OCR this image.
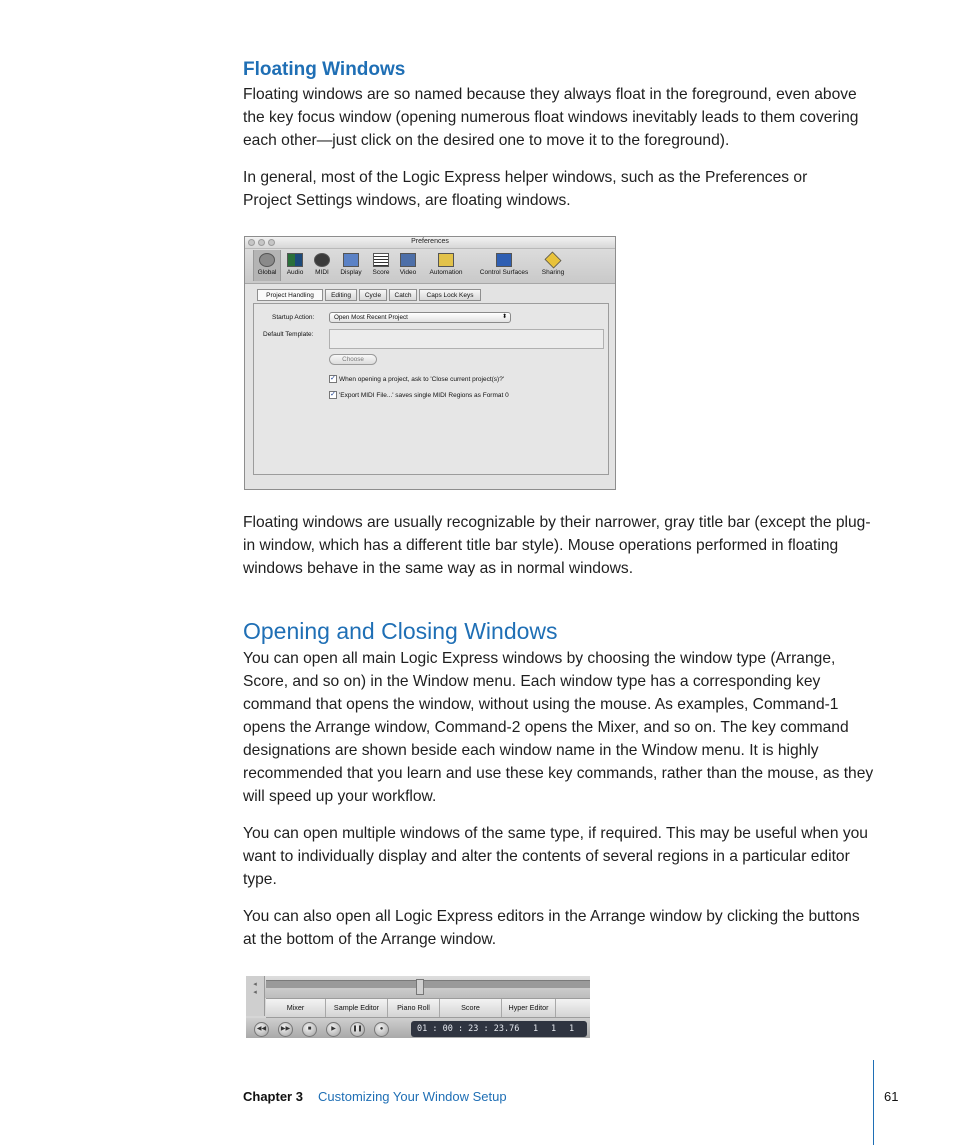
Floating Windows
Floating windows are so named because they always float in the foreground, even above the key focus window (opening numerous float windows inevitably leads to them covering each other—just click on the desired one to move it to the foreground).
In general, most of the Logic Express helper windows, such as the Preferences or Project Settings windows, are floating windows.
Preferences
Global	Audio	MIDI	Display	Score	Video	Automation	Control Surfaces	Sharing
Project Handling	Editing	Cycle	Catch	Caps Lock Keys
Startup Action:	Open Most Recent Project	⬍
Default Template:
Choose
✓ When opening a project, ask to 'Close current project(s)?'
✓ 'Export MIDI File...' saves single MIDI Regions as Format 0
Floating windows are usually recognizable by their narrower, gray title bar (except the plug-in window, which has a different title bar style). Mouse operations performed in floating windows behave in the same way as in normal windows.
Opening and Closing Windows
You can open all main Logic Express windows by choosing the window type (Arrange, Score, and so on) in the Window menu. Each window type has a corresponding key command that opens the window, without using the mouse. As examples, Command-1 opens the Arrange window, Command-2 opens the Mixer, and so on. The key command designations are shown beside each window name in the Window menu. It is highly recommended that you learn and use these key commands, rather than the mouse, as they will speed up your workflow.
You can open multiple windows of the same type, if required. This may be useful when you want to individually display and alter the contents of several regions in a particular editor type.
You can also open all Logic Express editors in the Arrange window by clicking the buttons at the bottom of the Arrange window.
◂
◂
Mixer	Sample Editor	Piano Roll	Score	Hyper Editor
◀◀	▶▶	■	▶	❚❚	●	01 : 00 : 23 : 23.76 1 1 1
Chapter 3 Customizing Your Window Setup	61
